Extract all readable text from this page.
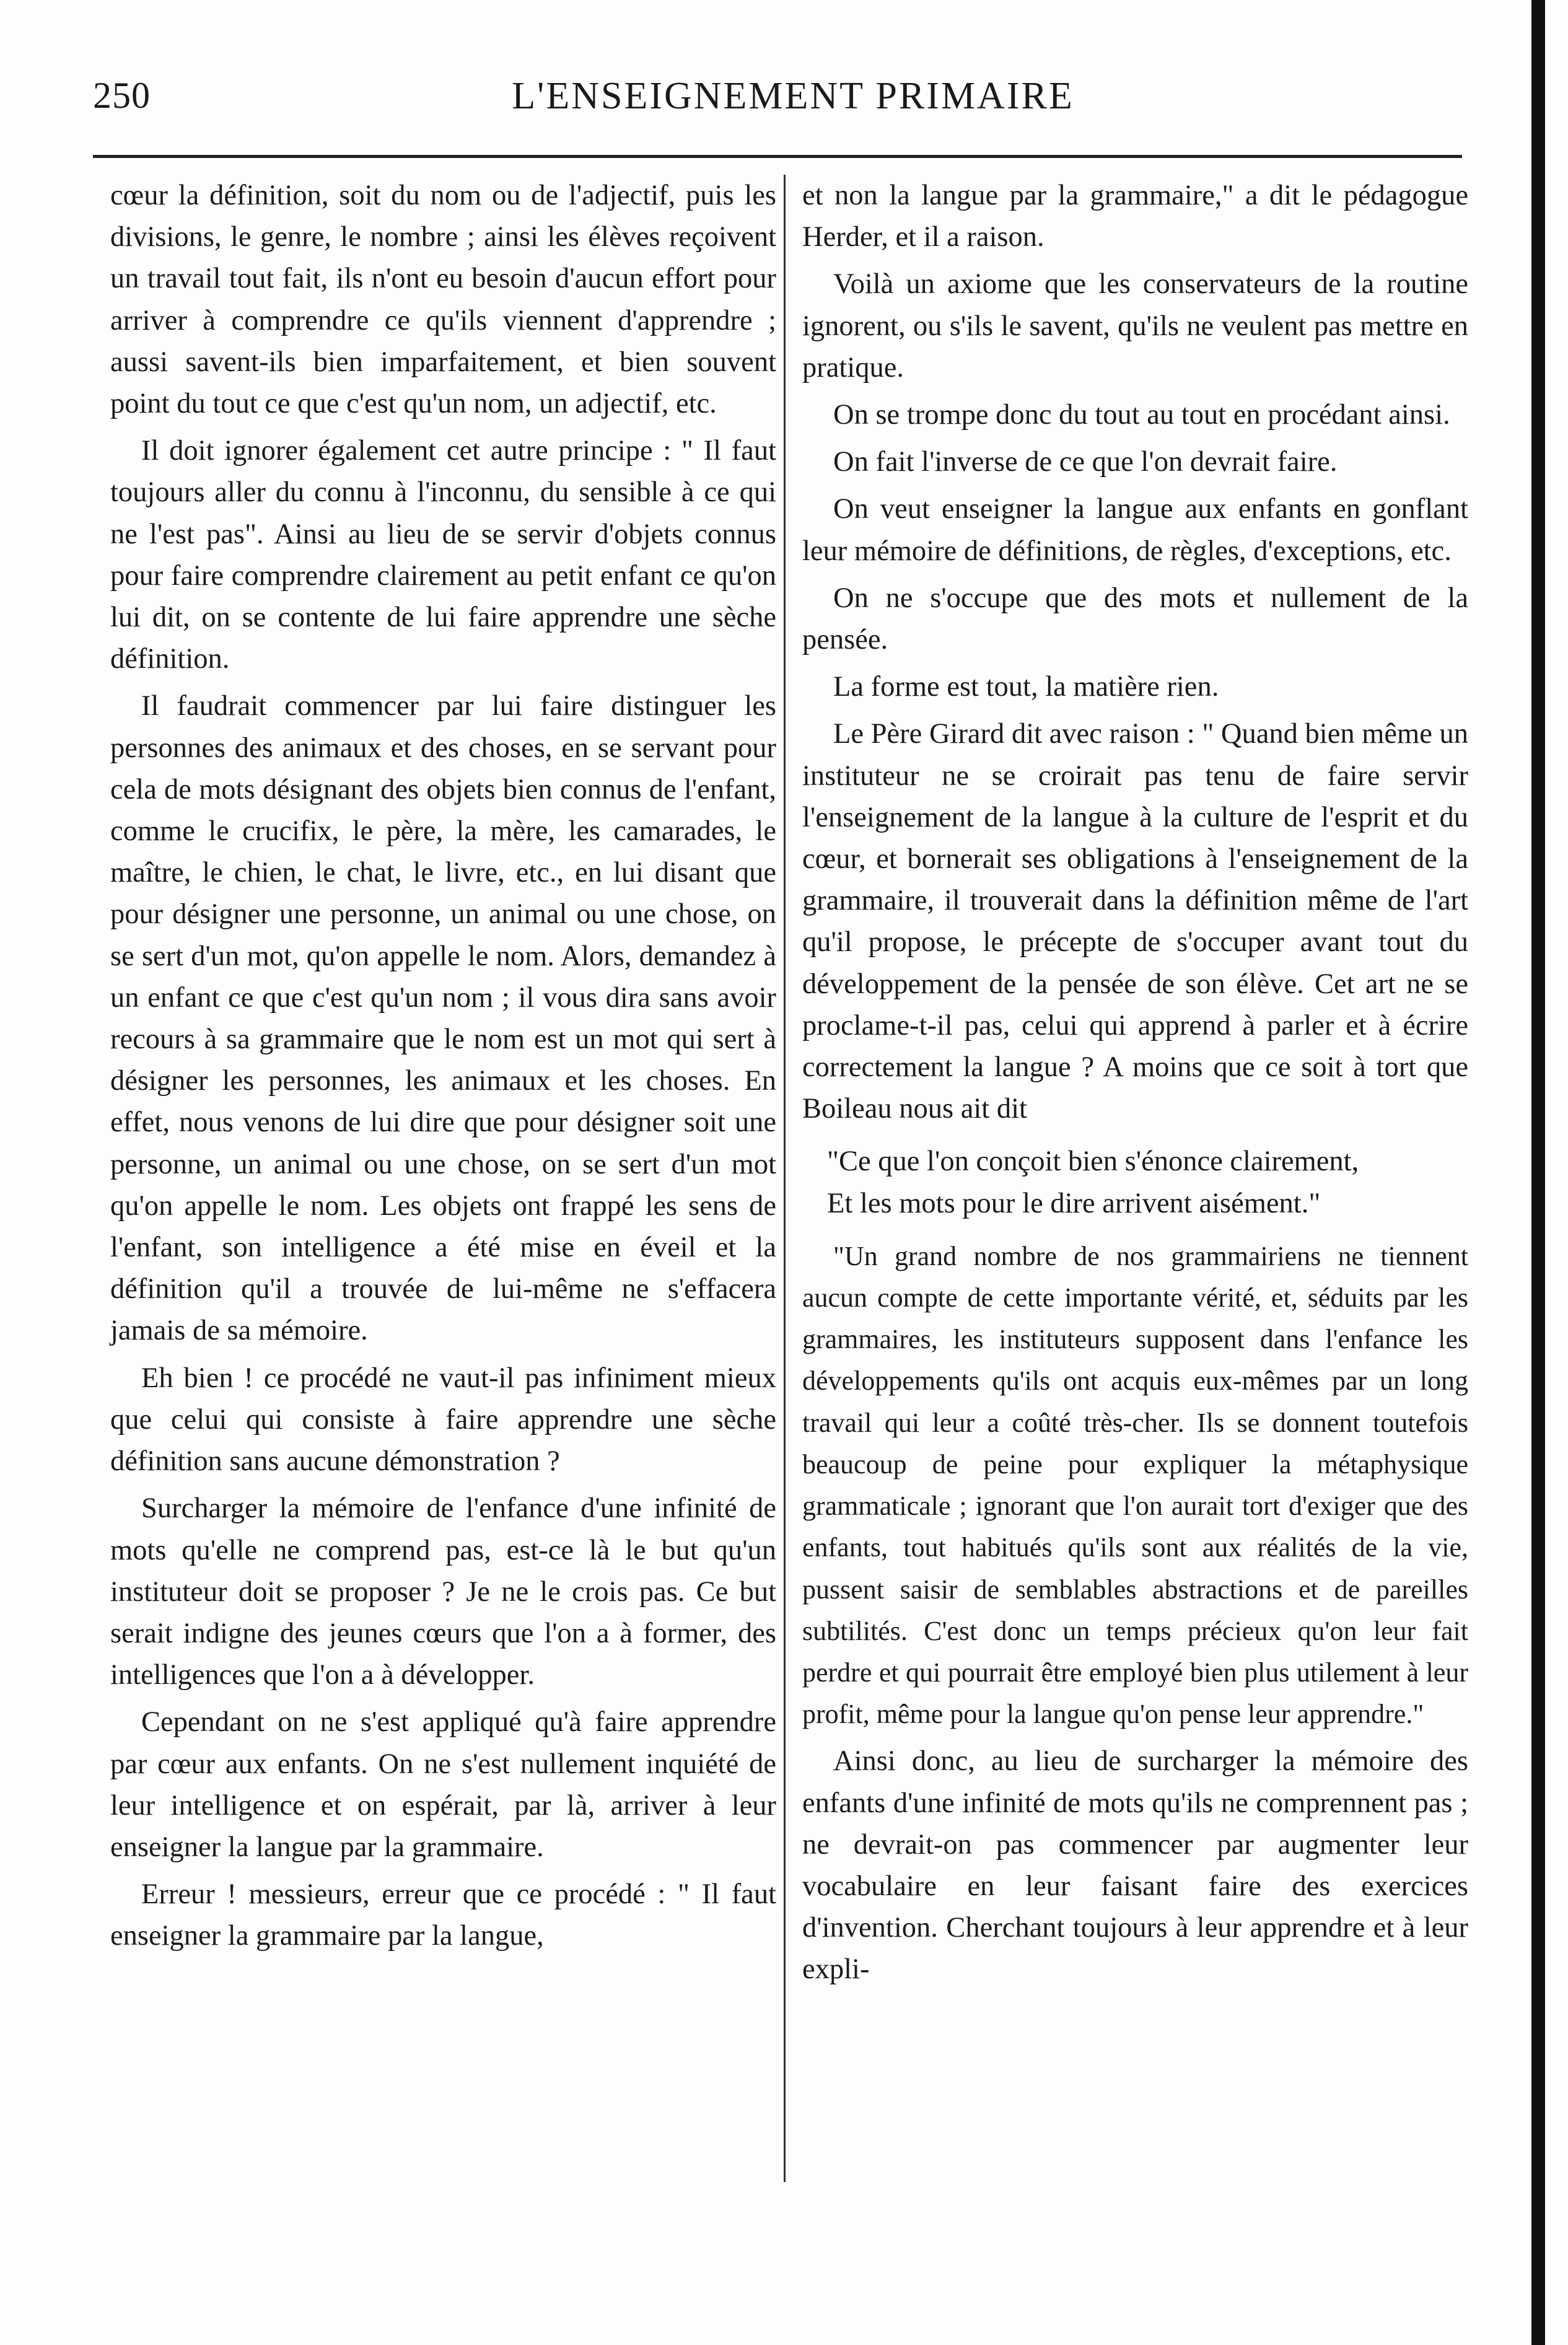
250	L'ENSEIGNEMENT PRIMAIRE

cœur la définition, soit du nom ou de l'adjectif, puis les divisions, le genre, le nombre ; ainsi les élèves reçoivent un travail tout fait, ils n'ont eu besoin d'aucun effort pour arriver à comprendre ce qu'ils viennent d'apprendre ; aussi savent-ils bien imparfaitement, et bien souvent point du tout ce que c'est qu'un nom, un adjectif, etc.

Il doit ignorer également cet autre principe : " Il faut toujours aller du connu à l'inconnu, du sensible à ce qui ne l'est pas". Ainsi au lieu de se servir d'objets connus pour faire comprendre clairement au petit enfant ce qu'on lui dit, on se contente de lui faire apprendre une sèche définition.

Il faudrait commencer par lui faire distinguer les personnes des animaux et des choses, en se servant pour cela de mots désignant des objets bien connus de l'enfant, comme le crucifix, le père, la mère, les camarades, le maître, le chien, le chat, le livre, etc., en lui disant que pour désigner une personne, un animal ou une chose, on se sert d'un mot, qu'on appelle le nom. Alors, demandez à un enfant ce que c'est qu'un nom ; il vous dira sans avoir recours à sa grammaire que le nom est un mot qui sert à désigner les personnes, les animaux et les choses. En effet, nous venons de lui dire que pour désigner soit une personne, un animal ou une chose, on se sert d'un mot qu'on appelle le nom. Les objets ont frappé les sens de l'enfant, son intelligence a été mise en éveil et la définition qu'il a trouvée de lui-même ne s'effacera jamais de sa mémoire.

Eh bien ! ce procédé ne vaut-il pas infiniment mieux que celui qui consiste à faire apprendre une sèche définition sans aucune démonstration ?

Surcharger la mémoire de l'enfance d'une infinité de mots qu'elle ne comprend pas, est-ce là le but qu'un instituteur doit se proposer ? Je ne le crois pas. Ce but serait indigne des jeunes cœurs que l'on a à former, des intelligences que l'on a à développer.

Cependant on ne s'est appliqué qu'à faire apprendre par cœur aux enfants. On ne s'est nullement inquiété de leur intelligence et on espérait, par là, arriver à leur enseigner la langue par la grammaire.

Erreur ! messieurs, erreur que ce procédé : " Il faut enseigner la grammaire par la langue,

et non la langue par la grammaire," a dit le pédagogue Herder, et il a raison.

Voilà un axiome que les conservateurs de la routine ignorent, ou s'ils le savent, qu'ils ne veulent pas mettre en pratique.

On se trompe donc du tout au tout en procédant ainsi.

On fait l'inverse de ce que l'on devrait faire.

On veut enseigner la langue aux enfants en gonflant leur mémoire de définitions, de règles, d'exceptions, etc.

On ne s'occupe que des mots et nullement de la pensée.

La forme est tout, la matière rien.

Le Père Girard dit avec raison : " Quand bien même un instituteur ne se croirait pas tenu de faire servir l'enseignement de la langue à la culture de l'esprit et du cœur, et bornerait ses obligations à l'enseignement de la grammaire, il trouverait dans la définition même de l'art qu'il propose, le précepte de s'occuper avant tout du développement de la pensée de son élève. Cet art ne se proclame-t-il pas, celui qui apprend à parler et à écrire correctement la langue ? A moins que ce soit à tort que Boileau nous ait dit

"Ce que l'on conçoit bien s'énonce clairement,
Et les mots pour le dire arrivent aisément."

"Un grand nombre de nos grammairiens ne tiennent aucun compte de cette importante vérité, et, séduits par les grammaires, les instituteurs supposent dans l'enfance les développements qu'ils ont acquis eux-mêmes par un long travail qui leur a coûté très-cher. Ils se donnent toutefois beaucoup de peine pour expliquer la métaphysique grammaticale ; ignorant que l'on aurait tort d'exiger que des enfants, tout habitués qu'ils sont aux réalités de la vie, pussent saisir de semblables abstractions et de pareilles subtilités. C'est donc un temps précieux qu'on leur fait perdre et qui pourrait être employé bien plus utilement à leur profit, même pour la langue qu'on pense leur apprendre."

Ainsi donc, au lieu de surcharger la mémoire des enfants d'une infinité de mots qu'ils ne comprennent pas ; ne devrait-on pas commencer par augmenter leur vocabulaire en leur faisant faire des exercices d'invention. Cherchant toujours à leur apprendre et à leur expli-
